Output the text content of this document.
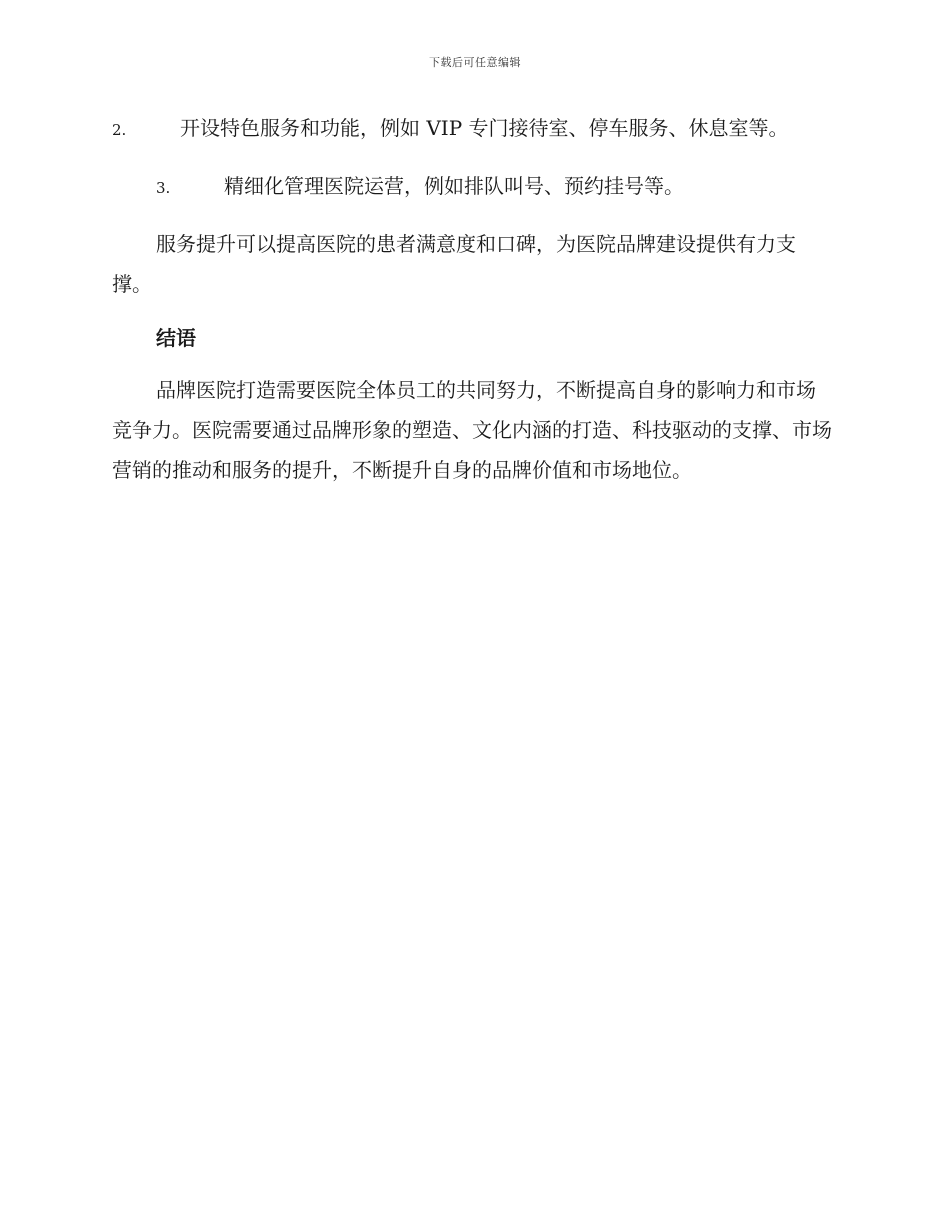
下载后可任意编辑
2.	开设特色服务和功能，例如 VIP 专门接待室、停车服务、休息室等。
3.	精细化管理医院运营，例如排队叫号、预约挂号等。

服务提升可以提高医院的患者满意度和口碑，为医院品牌建设提供有力支撑。

结语

品牌医院打造需要医院全体员工的共同努力，不断提高自身的影响力和市场竞争力。医院需要通过品牌形象的塑造、文化内涵的打造、科技驱动的支撑、市场营销的推动和服务的提升，不断提升自身的品牌价值和市场地位。
